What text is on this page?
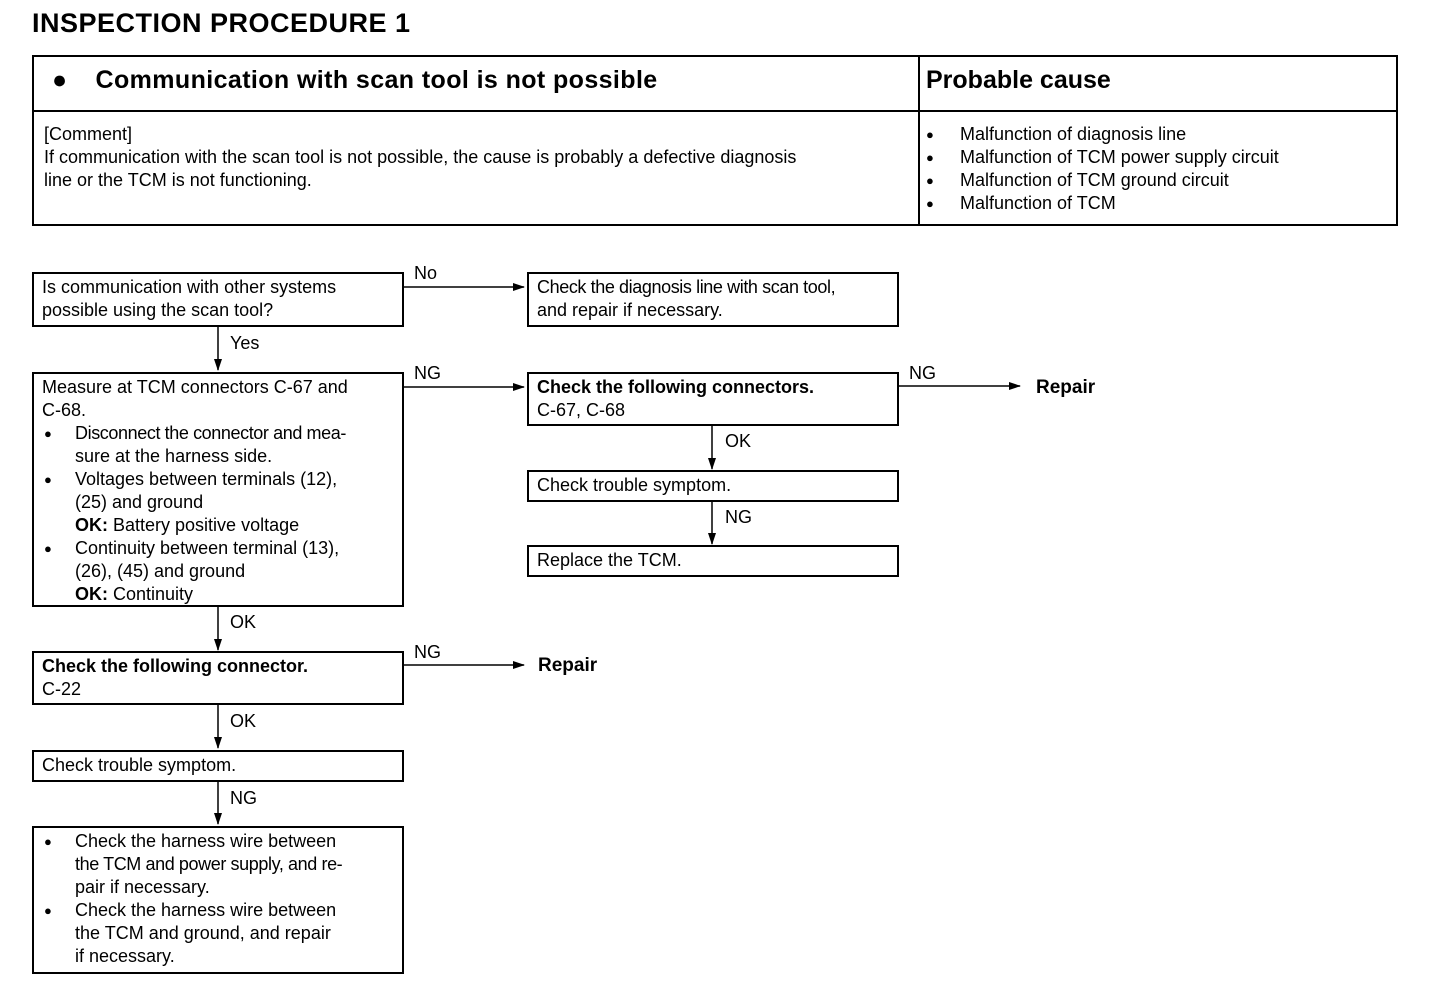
INSPECTION PROCEDURE 1
● Communication with scan tool is not possible	Probable cause
[Comment]
If communication with the scan tool is not possible, the cause is probably a defective diagnosis
line or the TCM is not functioning.
● Malfunction of diagnosis line
● Malfunction of TCM power supply circuit
● Malfunction of TCM ground circuit
● Malfunction of TCM
Is communication with other systems
possible using the scan tool?
No
Check the diagnosis line with scan tool,
and repair if necessary.
Yes
Measure at TCM connectors C-67 and
C-68.
● Disconnect the connector and mea-
sure at the harness side.
● Voltages between terminals (12),
(25) and ground
OK: Battery positive voltage
● Continuity between terminal (13),
(26), (45) and ground
OK: Continuity
NG
Check the following connectors.
C-67, C-68
NG
Repair
OK
Check trouble symptom.
NG
Replace the TCM.
OK
Check the following connector.
C-22
NG
Repair
OK
Check trouble symptom.
NG
● Check the harness wire between
the TCM and power supply, and re-
pair if necessary.
● Check the harness wire between
the TCM and ground, and repair
if necessary.
